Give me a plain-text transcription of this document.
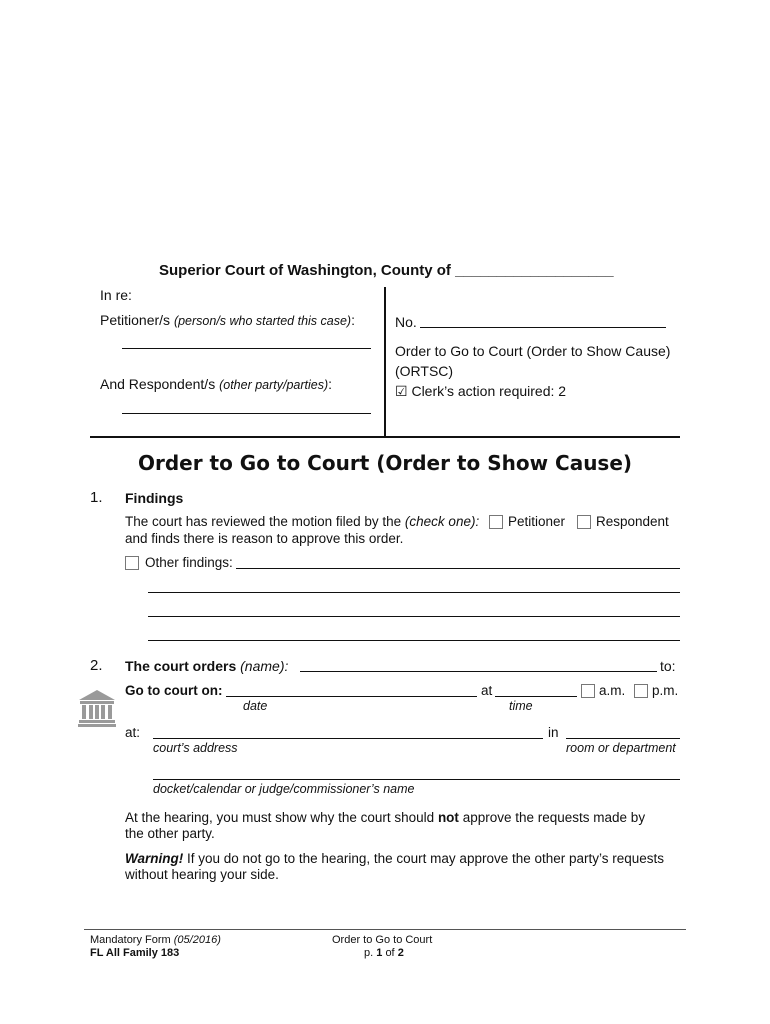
Superior Court of Washington, County of ___________________
In re:
Petitioner/s (person/s who started this case):
And Respondent/s (other party/parties):
No.
Order to Go to Court (Order to Show Cause)
(ORTSC)
☑ Clerk’s action required: 2
Order to Go to Court (Order to Show Cause)
1. Findings
The court has reviewed the motion filed by the (check one): Petitioner Respondent
and finds there is reason to approve this order.
Other findings:
2. The court orders (name):	to:
Go to court on:	at	a.m. p.m.
date	time
at:	in
court’s address	room or department
docket/calendar or judge/commissioner’s name
At the hearing, you must show why the court should not approve the requests made by
the other party.
Warning! If you do not go to the hearing, the court may approve the other party’s requests
without hearing your side.
Mandatory Form (05/2016)
FL All Family 183
Order to Go to Court
p. 1 of 2
